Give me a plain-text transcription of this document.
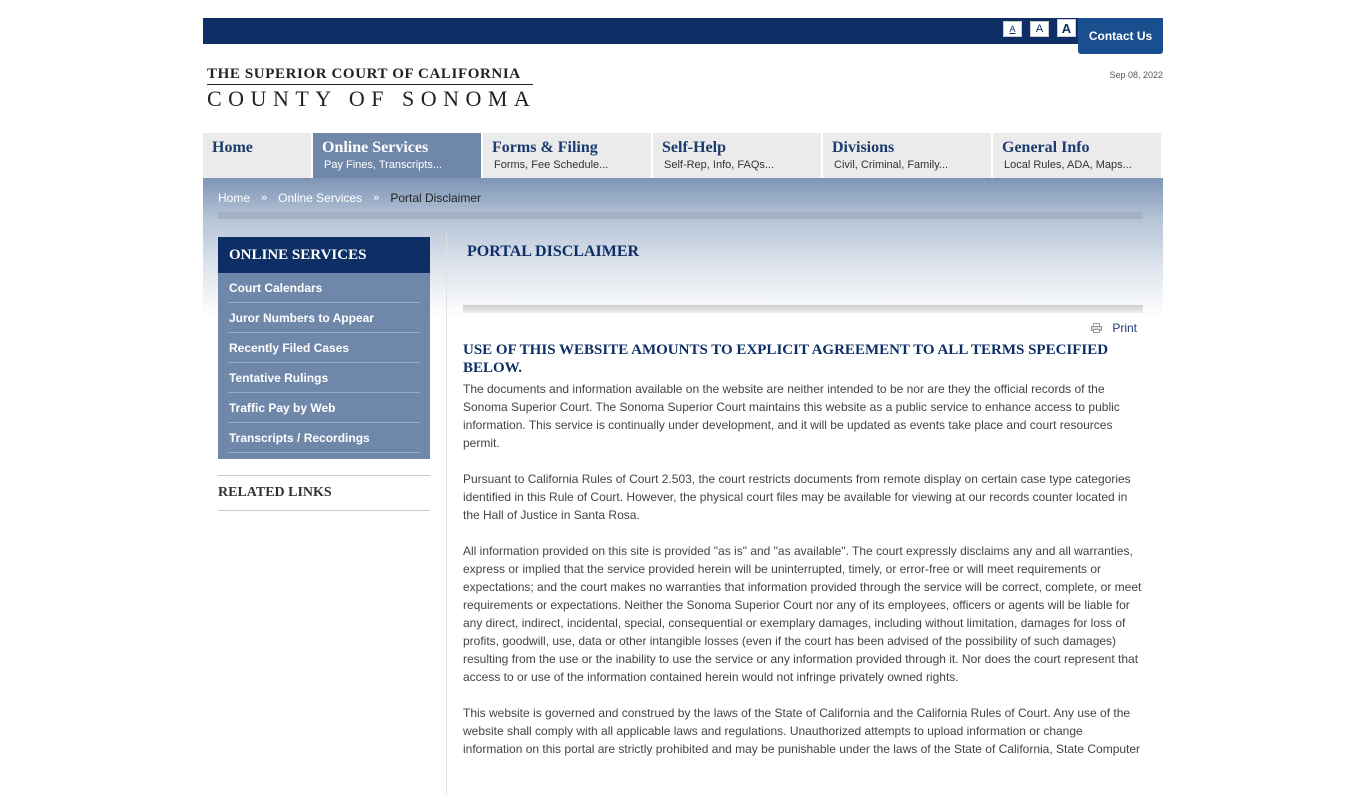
A	A	A
Contact Us
THE SUPERIOR COURT OF CALIFORNIA
COUNTY OF SONOMA
Sep 08, 2022
Home	Online Services
Pay Fines, Transcripts...
Forms & Filing
Forms, Fee Schedule...
Self-Help
Self-Rep, Info, FAQs...
Divisions
Civil, Criminal, Family...
General Info
Local Rules, ADA, Maps...
Home » Online Services » Portal Disclaimer
ONLINE SERVICES
Court Calendars
Juror Numbers to Appear
Recently Filed Cases
Tentative Rulings
Traffic Pay by Web
Transcripts / Recordings
RELATED LINKS
PORTAL DISCLAIMER
Print
USE OF THIS WEBSITE AMOUNTS TO EXPLICIT AGREEMENT TO ALL TERMS SPECIFIED BELOW.

The documents and information available on the website are neither intended to be nor are they the official records of the Sonoma Superior Court. The Sonoma Superior Court maintains this website as a public service to enhance access to public information. This service is continually under development, and it will be updated as events take place and court resources permit.

Pursuant to California Rules of Court 2.503, the court restricts documents from remote display on certain case type categories identified in this Rule of Court. However, the physical court files may be available for viewing at our records counter located in the Hall of Justice in Santa Rosa.

All information provided on this site is provided "as is" and "as available". The court expressly disclaims any and all warranties, express or implied that the service provided herein will be uninterrupted, timely, or error-free or will meet requirements or expectations; and the court makes no warranties that information provided through the service will be correct, complete, or meet requirements or expectations. Neither the Sonoma Superior Court nor any of its employees, officers or agents will be liable for any direct, indirect, incidental, special, consequential or exemplary damages, including without limitation, damages for loss of profits, goodwill, use, data or other intangible losses (even if the court has been advised of the possibility of such damages) resulting from the use or the inability to use the service or any information provided through it. Nor does the court represent that access to or use of the information contained herein would not infringe privately owned rights.

This website is governed and construed by the laws of the State of California and the California Rules of Court. Any use of the website shall comply with all applicable laws and regulations. Unauthorized attempts to upload information or change information on this portal are strictly prohibited and may be punishable under the laws of the State of California, State Computer
